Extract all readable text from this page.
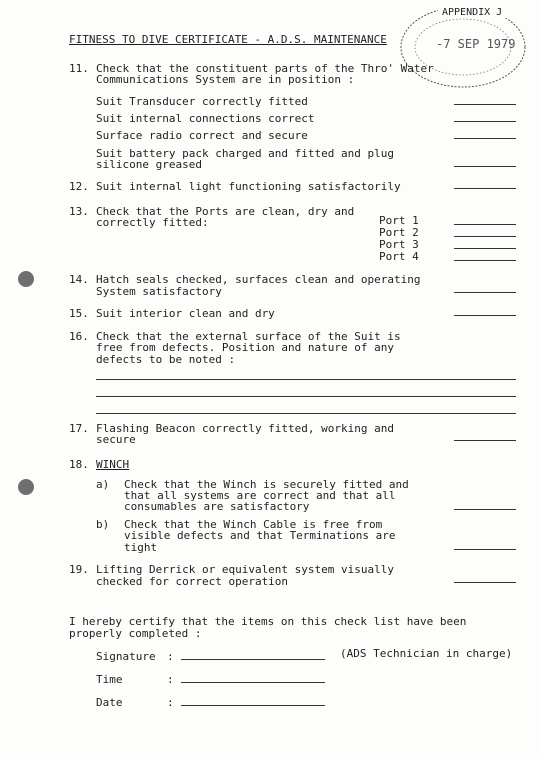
APPENDIX J
-7 SEP 1979
FITNESS TO DIVE CERTIFICATE - A.D.S. MAINTENANCE
11. Check that the constituent parts of the Thro' Water
Communications System are in position :
Suit Transducer correctly fitted
Suit internal connections correct
Surface radio correct and secure
Suit battery pack charged and fitted and plug
silicone greased
12. Suit internal light functioning satisfactorily
13. Check that the Ports are clean, dry and
correctly fitted:	Port 1
Port 2
Port 3
Port 4
14. Hatch seals checked, surfaces clean and operating
System satisfactory
15. Suit interior clean and dry
16. Check that the external surface of the Suit is
free from defects. Position and nature of any
defects to be noted :
17. Flashing Beacon correctly fitted, working and
secure
18. WINCH
a) Check that the Winch is securely fitted and
that all systems are correct and that all
consumables are satisfactory
b) Check that the Winch Cable is free from
visible defects and that Terminations are
tight
19. Lifting Derrick or equivalent system visually
checked for correct operation
I hereby certify that the items on this check list have been
properly completed :
Signature :	(ADS Technician in charge)
Time	:
Date	:
